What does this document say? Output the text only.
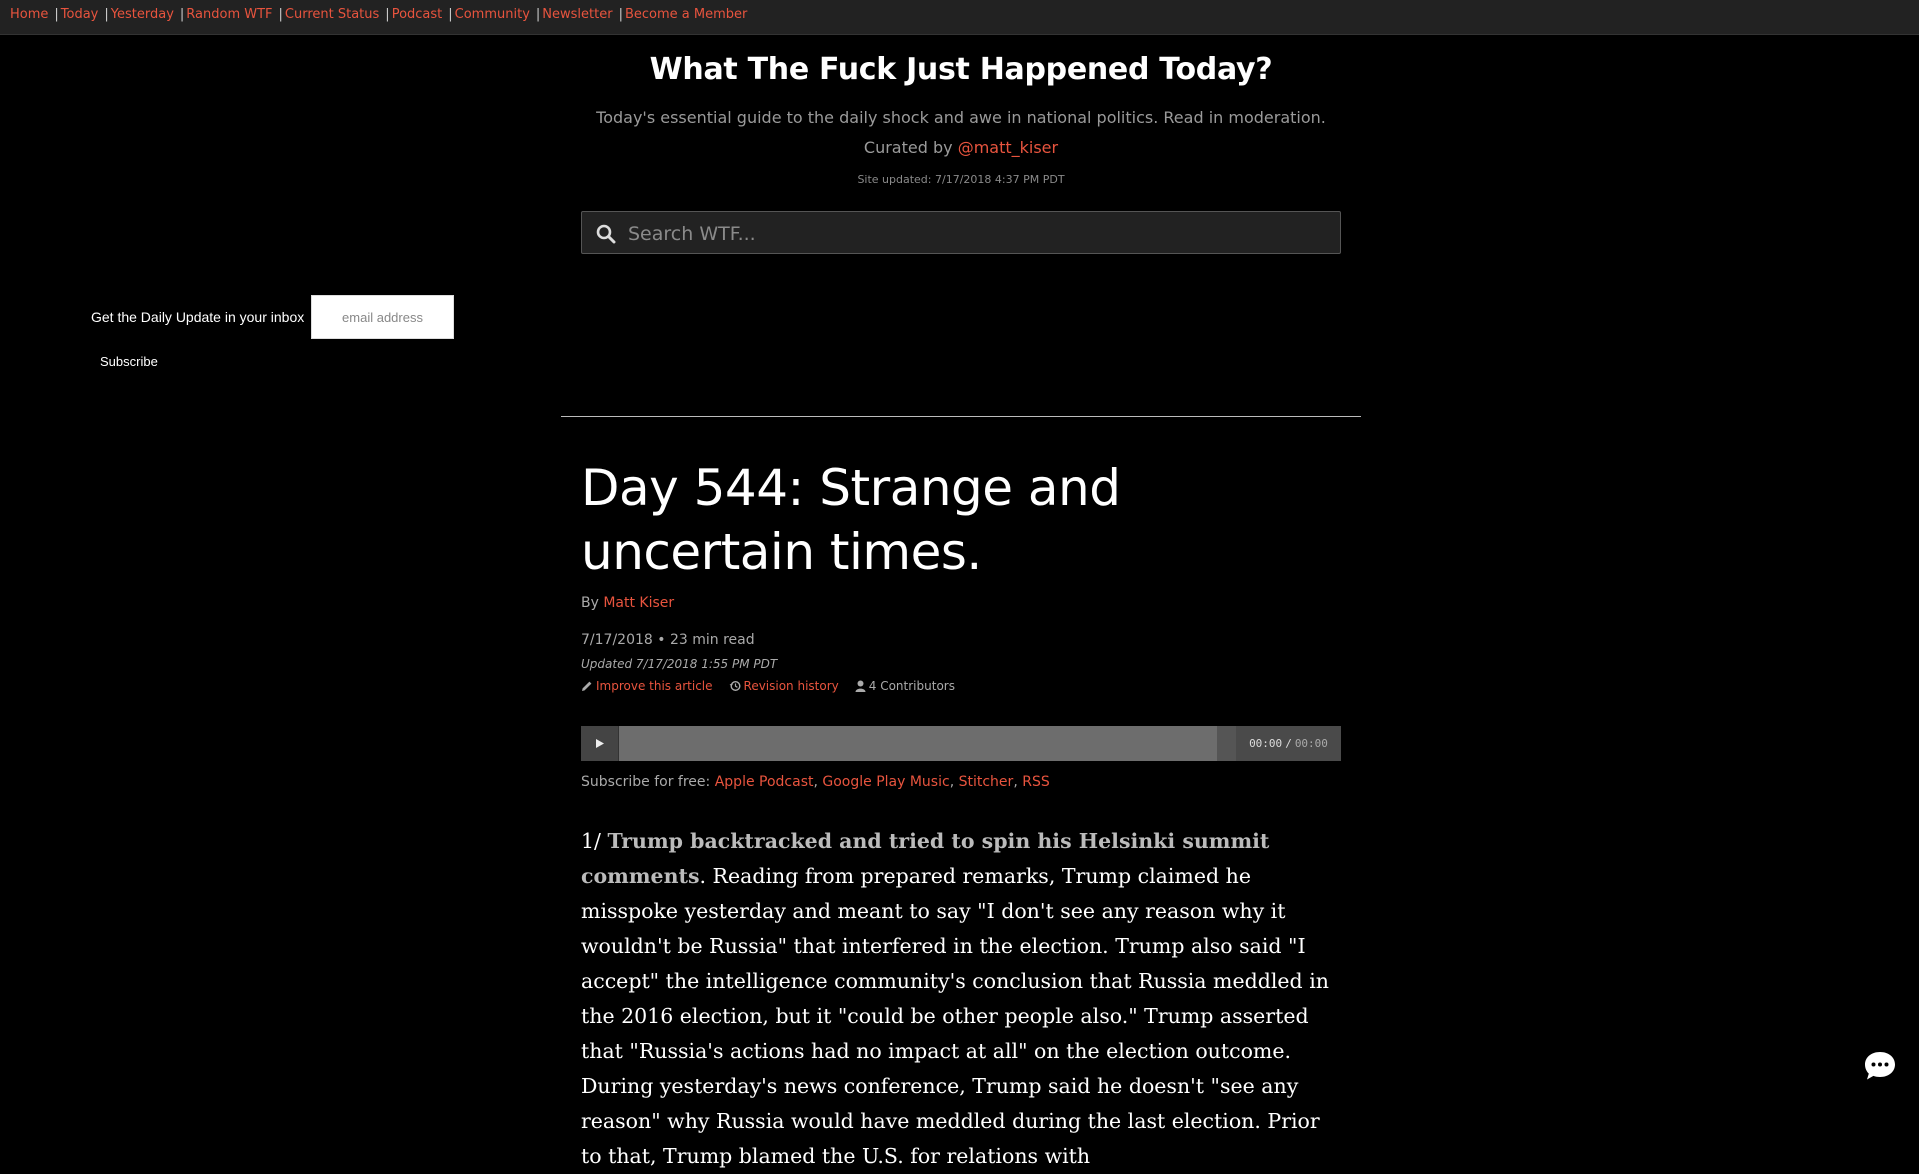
Home | Today | Yesterday | Random WTF | Current Status | Podcast | Community | Newsletter | Become a Member
What The Fuck Just Happened Today?
Today's essential guide to the daily shock and awe in national politics. Read in moderation.
Curated by @matt_kiser
Site updated: 7/17/2018 4:37 PM PDT
Search WTF...
Get the Daily Update in your inbox
email address
Subscribe
Day 544: Strange and uncertain times.
By Matt Kiser
7/17/2018 • 23 min read
Updated 7/17/2018 1:55 PM PDT
Improve this article	Revision history	4 Contributors
00:00 / 00:00
Subscribe for free: Apple Podcast, Google Play Music, Stitcher, RSS
1/ Trump backtracked and tried to spin his Helsinki summit comments. Reading from prepared remarks, Trump claimed he misspoke yesterday and meant to say "I don't see any reason why it wouldn't be Russia" that interfered in the election. Trump also said "I accept" the intelligence community's conclusion that Russia meddled in the 2016 election, but it "could be other people also." Trump asserted that "Russia's actions had no impact at all" on the election outcome. During yesterday's news conference, Trump said he doesn't "see any reason" why Russia would have meddled during the last election. Prior to that, Trump blamed the U.S. for relations with
